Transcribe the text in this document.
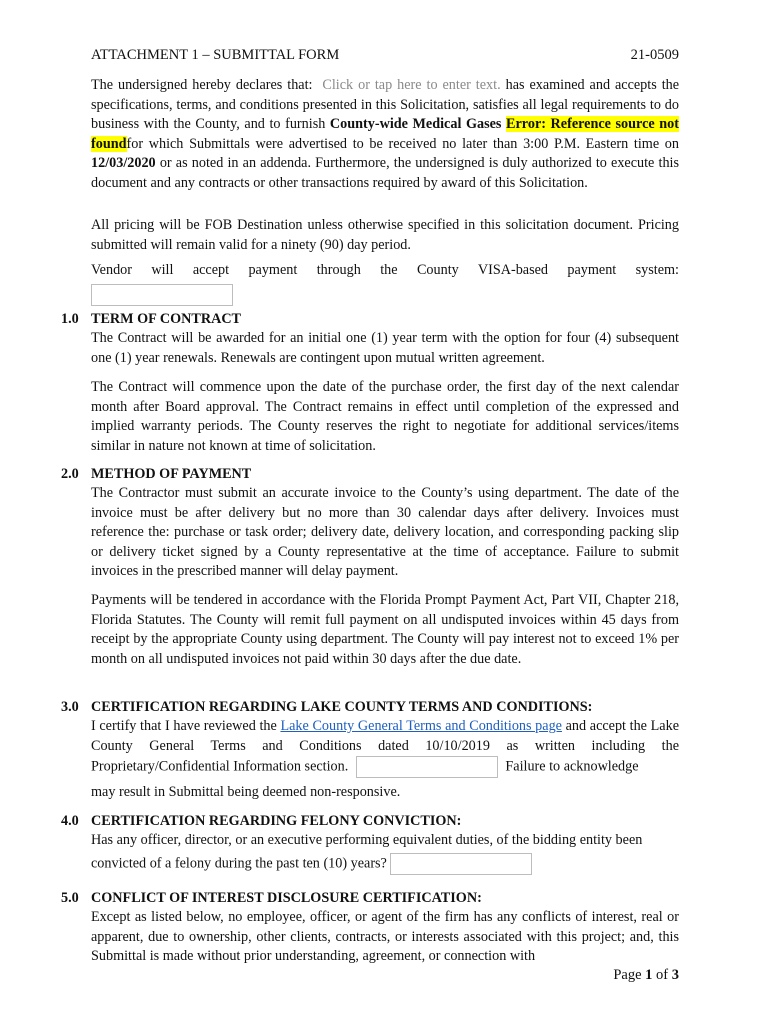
ATTACHMENT 1 – SUBMITTAL FORM	21-0509

The undersigned hereby declares that: Click or tap here to enter text. has examined and accepts the specifications, terms, and conditions presented in this Solicitation, satisfies all legal requirements to do business with the County, and to furnish County-wide Medical Gases Error: Reference source not foundfor which Submittals were advertised to be received no later than 3:00 P.M. Eastern time on 12/03/2020 or as noted in an addenda. Furthermore, the undersigned is duly authorized to execute this document and any contracts or other transactions required by award of this Solicitation.

All pricing will be FOB Destination unless otherwise specified in this solicitation document. Pricing submitted will remain valid for a ninety (90) day period.

Vendor will accept payment through the County VISA-based payment system:

1.0 TERM OF CONTRACT

The Contract will be awarded for an initial one (1) year term with the option for four (4) subsequent one (1) year renewals. Renewals are contingent upon mutual written agreement.

The Contract will commence upon the date of the purchase order, the first day of the next calendar month after Board approval. The Contract remains in effect until completion of the expressed and implied warranty periods. The County reserves the right to negotiate for additional services/items similar in nature not known at time of solicitation.

2.0 METHOD OF PAYMENT

The Contractor must submit an accurate invoice to the County’s using department. The date of the invoice must be after delivery but no more than 30 calendar days after delivery. Invoices must reference the: purchase or task order; delivery date, delivery location, and corresponding packing slip or delivery ticket signed by a County representative at the time of acceptance. Failure to submit invoices in the prescribed manner will delay payment.

Payments will be tendered in accordance with the Florida Prompt Payment Act, Part VII, Chapter 218, Florida Statutes. The County will remit full payment on all undisputed invoices within 45 days from receipt by the appropriate County using department. The County will pay interest not to exceed 1% per month on all undisputed invoices not paid within 30 days after the due date.

3.0 CERTIFICATION REGARDING LAKE COUNTY TERMS AND CONDITIONS:

I certify that I have reviewed the Lake County General Terms and Conditions page and accept the Lake County General Terms and Conditions dated 10/10/2019 as written including the Proprietary/Confidential Information section.	Failure to acknowledge

may result in Submittal being deemed non-responsive.

4.0 CERTIFICATION REGARDING FELONY CONVICTION:

Has any officer, director, or an executive performing equivalent duties, of the bidding entity been

convicted of a felony during the past ten (10) years?

5.0 CONFLICT OF INTEREST DISCLOSURE CERTIFICATION:

Except as listed below, no employee, officer, or agent of the firm has any conflicts of interest, real or apparent, due to ownership, other clients, contracts, or interests associated with this project; and, this Submittal is made without prior understanding, agreement, or connection with

Page 1 of 3
